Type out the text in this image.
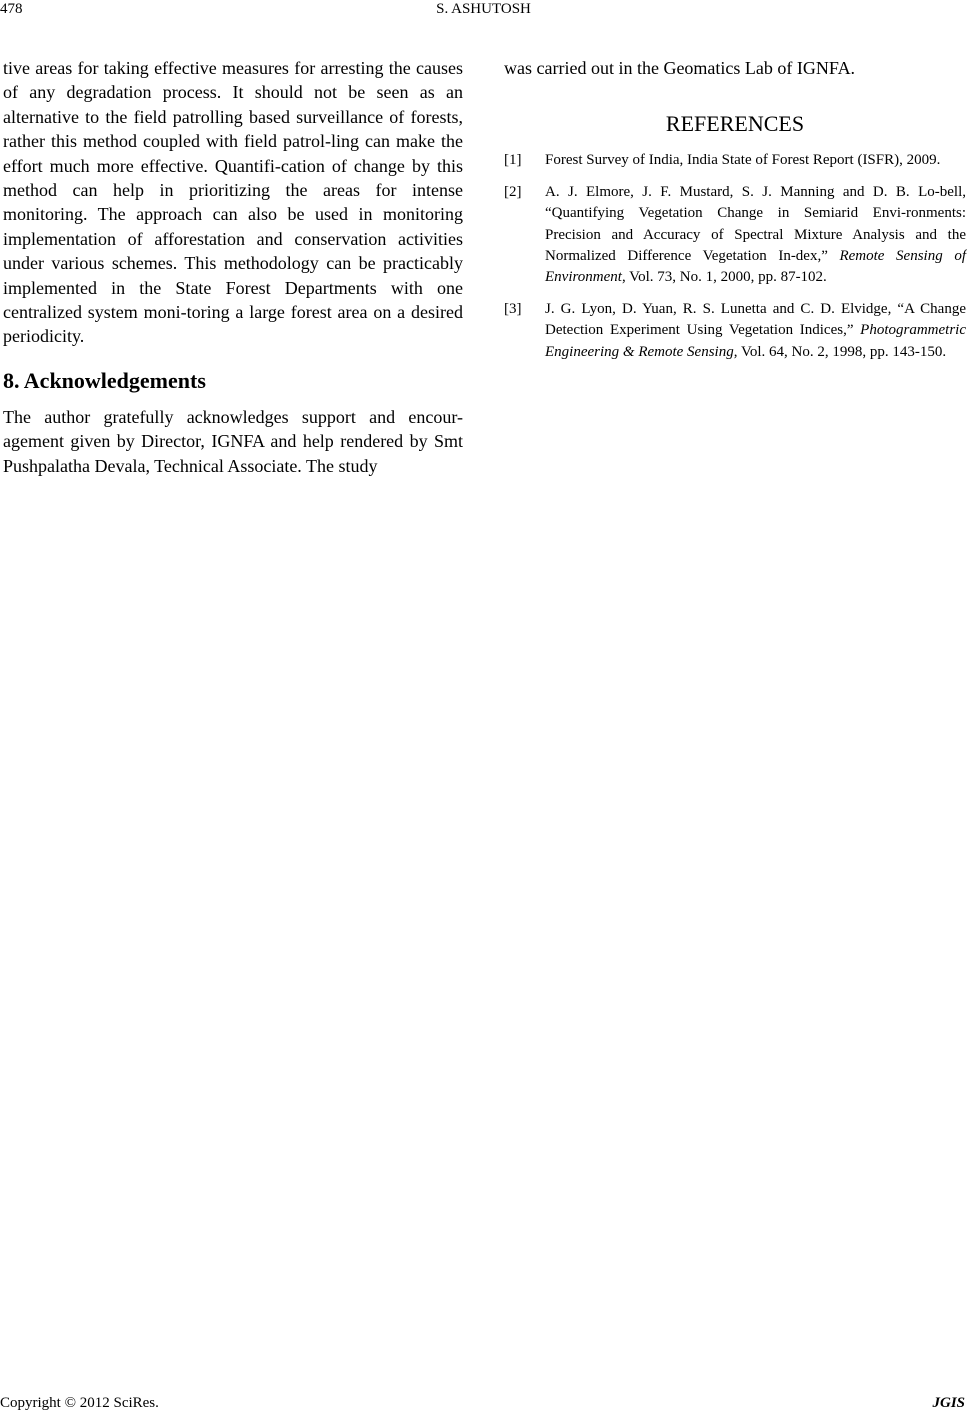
S. ASHUTOSH
478

tive areas for taking effective measures for arresting the causes of any degradation process. It should not be seen as an alternative to the field patrolling based surveillance of forests, rather this method coupled with field patrol-ling can make the effort much more effective. Quantifi-cation of change by this method can help in prioritizing the areas for intense monitoring. The approach can also be used in monitoring implementation of afforestation and conservation activities under various schemes. This methodology can be practicably implemented in the State Forest Departments with one centralized system moni-toring a large forest area on a desired periodicity.

8. Acknowledgements

The author gratefully acknowledges support and encour-agement given by Director, IGNFA and help rendered by Smt Pushpalatha Devala, Technical Associate. The study

was carried out in the Geomatics Lab of IGNFA.

REFERENCES
[1] Forest Survey of India, India State of Forest Report (ISFR), 2009.
[2] A. J. Elmore, J. F. Mustard, S. J. Manning and D. B. Lo-bell, “Quantifying Vegetation Change in Semiarid Envi-ronments: Precision and Accuracy of Spectral Mixture Analysis and the Normalized Difference Vegetation In-dex,” Remote Sensing of Environment, Vol. 73, No. 1, 2000, pp. 87-102.
[3] J. G. Lyon, D. Yuan, R. S. Lunetta and C. D. Elvidge, “A Change Detection Experiment Using Vegetation Indices,” Photogrammetric Engineering & Remote Sensing, Vol. 64, No. 2, 1998, pp. 143-150.
Copyright © 2012 SciRes.	JGIS
